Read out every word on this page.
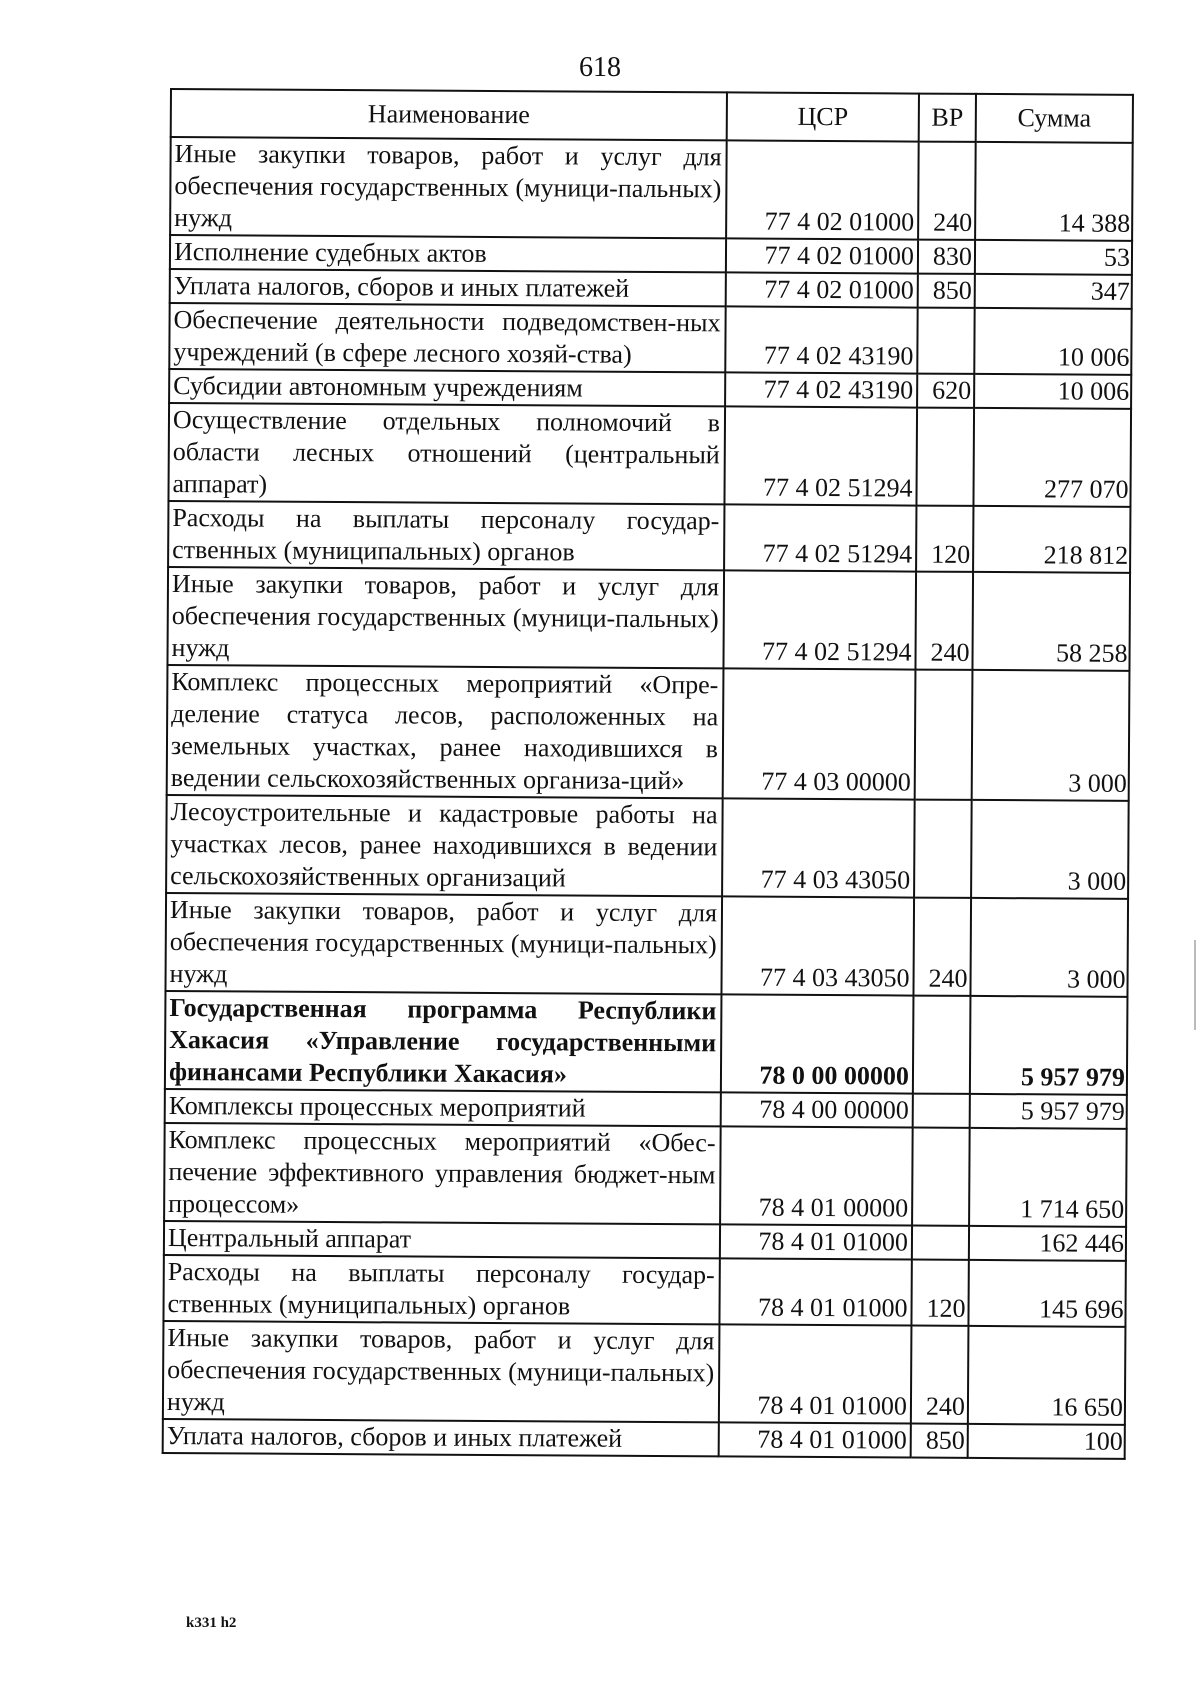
618
Наименование	ЦСР	ВР	Сумма
Иные закупки товаров, работ и услуг для обеспечения государственных (муници-пальных) нужд	77 4 02 01000	240	14 388
Исполнение судебных актов	77 4 02 01000	830	53
Уплата налогов, сборов и иных платежей	77 4 02 01000	850	347
Обеспечение деятельности подведомствен-ных учреждений (в сфере лесного хозяй-ства)	77 4 02 43190		10 006
Субсидии автономным учреждениям	77 4 02 43190	620	10 006
Осуществление отдельных полномочий в области лесных отношений (центральный аппарат)	77 4 02 51294		277 070
Расходы на выплаты персоналу государ-ственных (муниципальных) органов	77 4 02 51294	120	218 812
Иные закупки товаров, работ и услуг для обеспечения государственных (муници-пальных) нужд	77 4 02 51294	240	58 258
Комплекс процессных мероприятий «Опре-деление статуса лесов, расположенных на земельных участках, ранее находившихся в ведении сельскохозяйственных организа-ций»	77 4 03 00000		3 000
Лесоустроительные и кадастровые работы на участках лесов, ранее находившихся в ведении сельскохозяйственных организаций	77 4 03 43050		3 000
Иные закупки товаров, работ и услуг для обеспечения государственных (муници-пальных) нужд	77 4 03 43050	240	3 000
Государственная программа Республики Хакасия «Управление государственными финансами Республики Хакасия»	78 0 00 00000		5 957 979
Комплексы процессных мероприятий	78 4 00 00000		5 957 979
Комплекс процессных мероприятий «Обес-печение эффективного управления бюджет-ным процессом»	78 4 01 00000		1 714 650
Центральный аппарат	78 4 01 01000		162 446
Расходы на выплаты персоналу государ-ственных (муниципальных) органов	78 4 01 01000	120	145 696
Иные закупки товаров, работ и услуг для обеспечения государственных (муници-пальных) нужд	78 4 01 01000	240	16 650
Уплата налогов, сборов и иных платежей	78 4 01 01000	850	100
k331 h2
